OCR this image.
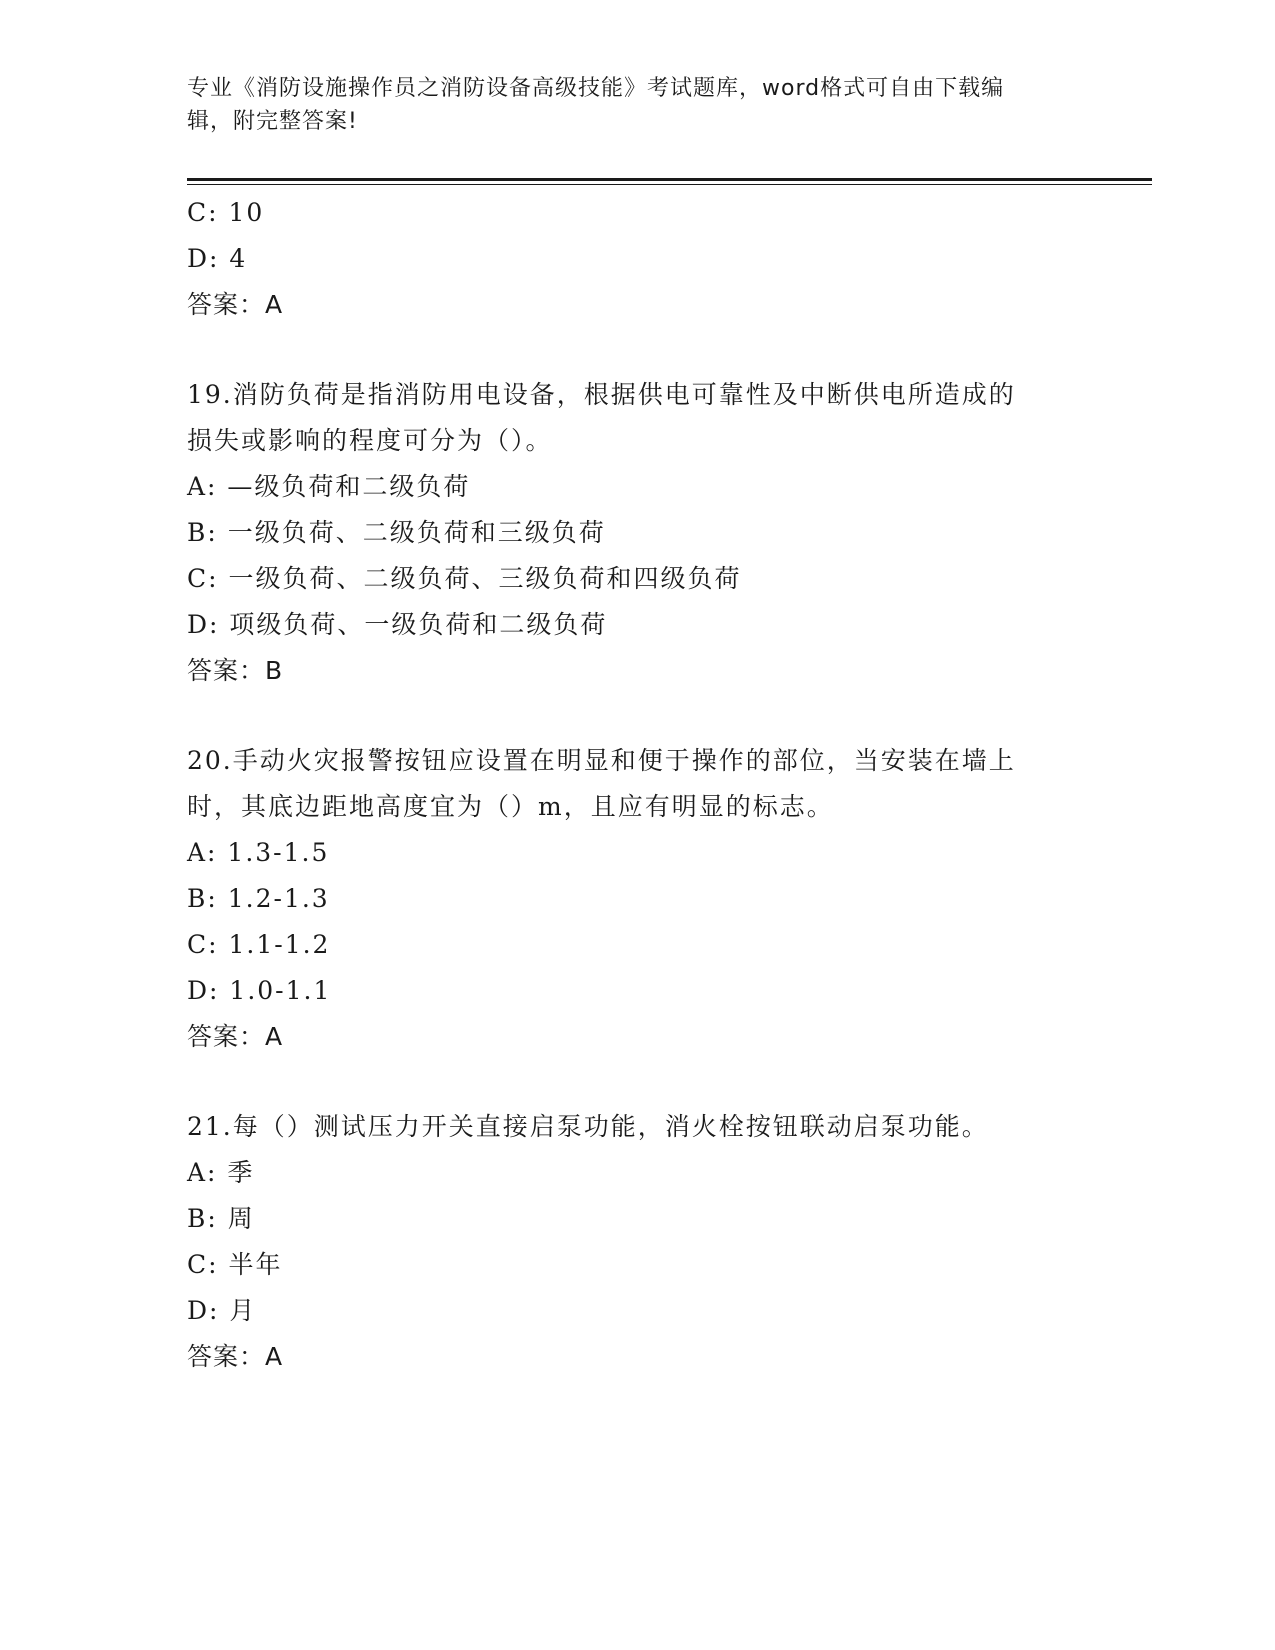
专业《消防设施操作员之消防设备高级技能》考试题库，word格式可自由下载编
辑，附完整答案!
C: 10
D: 4
答案：A
19.消防负荷是指消防用电设备，根据供电可靠性及中断供电所造成的
损失或影响的程度可分为（）。
A: —级负荷和二级负荷
B: 一级负荷、二级负荷和三级负荷
C: 一级负荷、二级负荷、三级负荷和四级负荷
D: 项级负荷、一级负荷和二级负荷
答案：B
20.手动火灾报警按钮应设置在明显和便于操作的部位，当安装在墙上
时，其底边距地高度宜为（）m，且应有明显的标志。
A: 1.3-1.5
B: 1.2-1.3
C: 1.1-1.2
D: 1.0-1.1
答案：A
21.每（）测试压力开关直接启泵功能，消火栓按钮联动启泵功能。
A: 季
B: 周
C: 半年
D: 月
答案：A
